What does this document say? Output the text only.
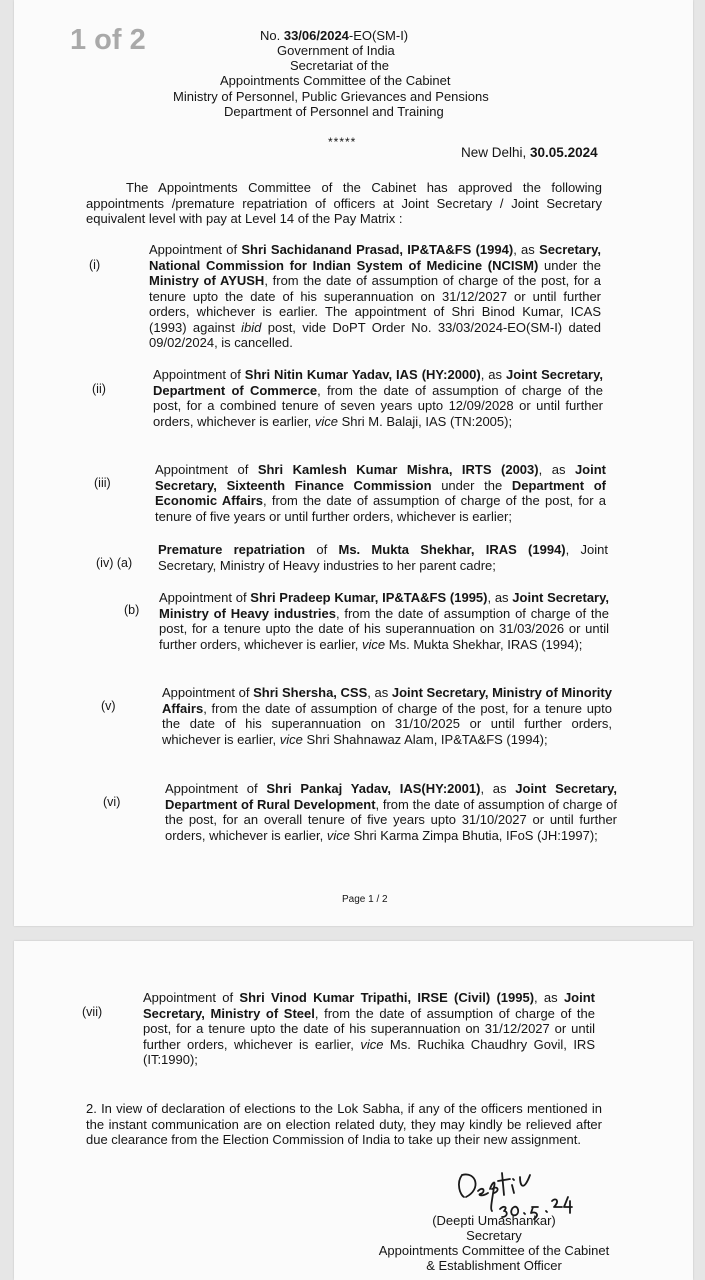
1 of 2	No. 33/06/2024-EO(SM-I)
Government of India
Secretariat of the
Appointments Committee of the Cabinet
Ministry of Personnel, Public Grievances and Pensions
Department of Personnel and Training
*****
New Delhi, 30.05.2024
The Appointments Committee of the Cabinet has approved the following appointments /premature repatriation of officers at Joint Secretary / Joint Secretary equivalent level with pay at Level 14 of the Pay Matrix :
(i)
Appointment of Shri Sachidanand Prasad, IP&TA&FS (1994), as Secretary, National Commission for Indian System of Medicine (NCISM) under the Ministry of AYUSH, from the date of assumption of charge of the post, for a tenure upto the date of his superannuation on 31/12/2027 or until further orders, whichever is earlier. The appointment of Shri Binod Kumar, ICAS (1993) against ibid post, vide DoPT Order No. 33/03/2024-EO(SM-I) dated 09/02/2024, is cancelled.
(ii)
Appointment of Shri Nitin Kumar Yadav, IAS (HY:2000), as Joint Secretary, Department of Commerce, from the date of assumption of charge of the post, for a combined tenure of seven years upto 12/09/2028 or until further orders, whichever is earlier, vice Shri M. Balaji, IAS (TN:2005);
(iii)
Appointment of Shri Kamlesh Kumar Mishra, IRTS (2003), as Joint Secretary, Sixteenth Finance Commission under the Department of Economic Affairs, from the date of assumption of charge of the post, for a tenure of five years or until further orders, whichever is earlier;
(iv) (a)
Premature repatriation of Ms. Mukta Shekhar, IRAS (1994), Joint Secretary, Ministry of Heavy industries to her parent cadre;
(b)
Appointment of Shri Pradeep Kumar, IP&TA&FS (1995), as Joint Secretary, Ministry of Heavy industries, from the date of assumption of charge of the post, for a tenure upto the date of his superannuation on 31/03/2026 or until further orders, whichever is earlier, vice Ms. Mukta Shekhar, IRAS (1994);
(v)
Appointment of Shri Shersha, CSS, as Joint Secretary, Ministry of Minority Affairs, from the date of assumption of charge of the post, for a tenure upto the date of his superannuation on 31/10/2025 or until further orders, whichever is earlier, vice Shri Shahnawaz Alam, IP&TA&FS (1994);
(vi)
Appointment of Shri Pankaj Yadav, IAS(HY:2001), as Joint Secretary, Department of Rural Development, from the date of assumption of charge of the post, for an overall tenure of five years upto 31/10/2027 or until further orders, whichever is earlier, vice Shri Karma Zimpa Bhutia, IFoS (JH:1997);
Page 1 / 2
(vii)
Appointment of Shri Vinod Kumar Tripathi, IRSE (Civil) (1995), as Joint Secretary, Ministry of Steel, from the date of assumption of charge of the post, for a tenure upto the date of his superannuation on 31/12/2027 or until further orders, whichever is earlier, vice Ms. Ruchika Chaudhry Govil, IRS (IT:1990);
2. In view of declaration of elections to the Lok Sabha, if any of the officers mentioned in the instant communication are on election related duty, they may kindly be relieved after due clearance from the Election Commission of India to take up their new assignment.
(Deepti Umashankar)
Secretary
Appointments Committee of the Cabinet
& Establishment Officer
